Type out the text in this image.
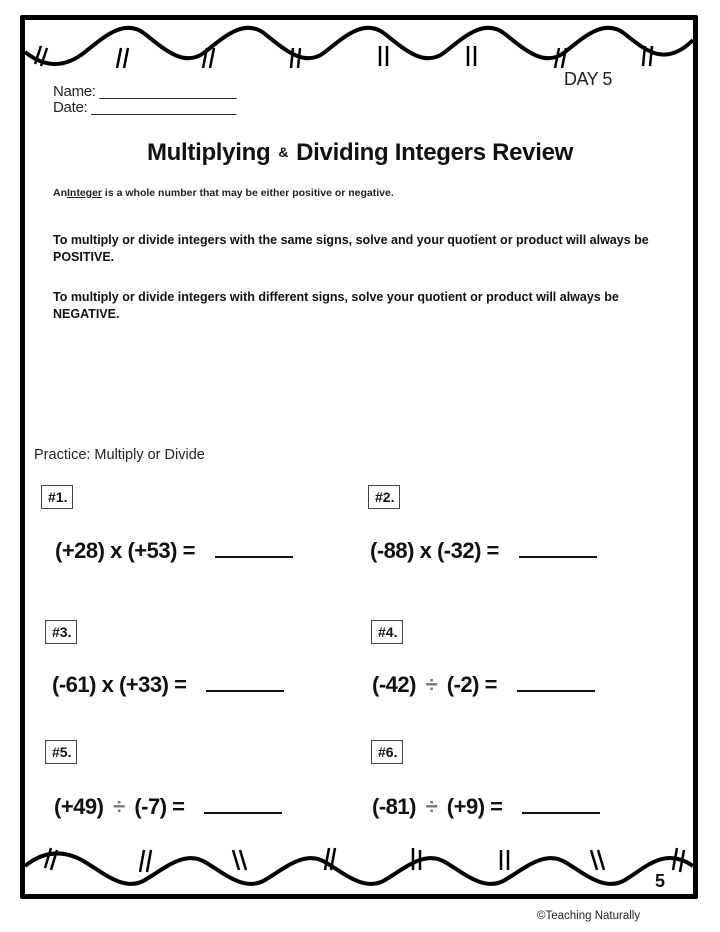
Name: _________________
Date: __________________
DAY 5
Multiplying & Dividing Integers Review
AnInteger is a whole number that may be either positive or negative.
To multiply or divide integers with the same signs, solve and your quotient or product will always be POSITIVE.
To multiply or divide integers with different signs, solve your quotient or product will always be NEGATIVE.
Practice: Multiply or Divide
#1.
(+28) x (+53) =
#2.
(-88) x (-32) =
#3.
(-61) x (+33) =
#4.
(-42) ÷ (-2) =
#5.
(+49) ÷ (-7) =
#6.
(-81) ÷ (+9) =
5
©Teaching Naturally
